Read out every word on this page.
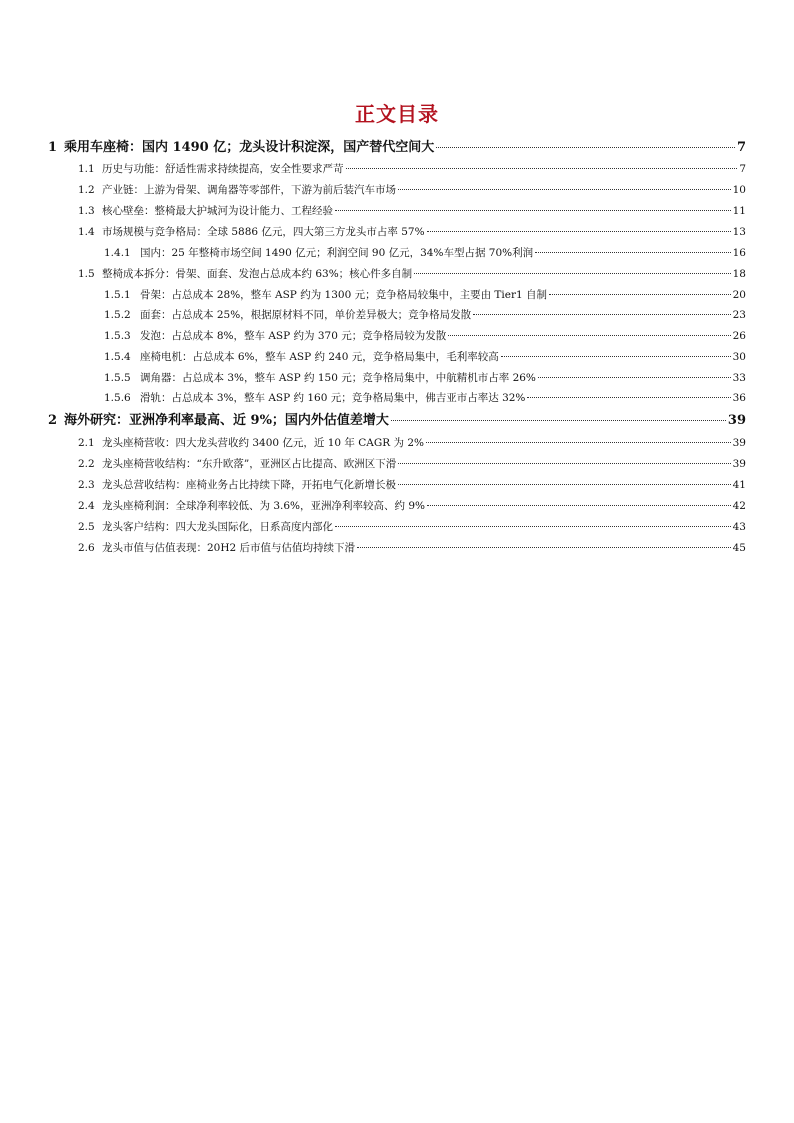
正文目录
1 乘用车座椅：国内 1490 亿；龙头设计积淀深，国产替代空间大	7
1.1 历史与功能：舒适性需求持续提高，安全性要求严苛	7
1.2 产业链：上游为骨架、调角器等零部件，下游为前后装汽车市场	10
1.3 核心壁垒：整椅最大护城河为设计能力、工程经验	11
1.4 市场规模与竞争格局：全球 5886 亿元，四大第三方龙头市占率 57%	13
1.4.1 国内：25 年整椅市场空间 1490 亿元；利润空间 90 亿元，34%车型占据 70%利润	16
1.5 整椅成本拆分：骨架、面套、发泡占总成本约 63%；核心件多自制	18
1.5.1 骨架：占总成本 28%，整车 ASP 约为 1300 元；竞争格局较集中，主要由 Tier1 自制	20
1.5.2 面套：占总成本 25%，根据原材料不同，单价差异极大；竞争格局发散	23
1.5.3 发泡：占总成本 8%，整车 ASP 约为 370 元；竞争格局较为发散	26
1.5.4 座椅电机：占总成本 6%，整车 ASP 约 240 元，竞争格局集中，毛利率较高	30
1.5.5 调角器：占总成本 3%，整车 ASP 约 150 元；竞争格局集中，中航精机市占率 26%	33
1.5.6 滑轨：占总成本 3%，整车 ASP 约 160 元；竞争格局集中，佛吉亚市占率达 32%	36
2 海外研究：亚洲净利率最高、近 9%；国内外估值差增大	39
2.1 龙头座椅营收：四大龙头营收约 3400 亿元，近 10 年 CAGR 为 2%	39
2.2 龙头座椅营收结构：“东升欧落”，亚洲区占比提高、欧洲区下滑	39
2.3 龙头总营收结构：座椅业务占比持续下降，开拓电气化新增长极	41
2.4 龙头座椅利润：全球净利率较低、为 3.6%，亚洲净利率较高、约 9%	42
2.5 龙头客户结构：四大龙头国际化，日系高度内部化	43
2.6 龙头市值与估值表现：20H2 后市值与估值均持续下滑	45
